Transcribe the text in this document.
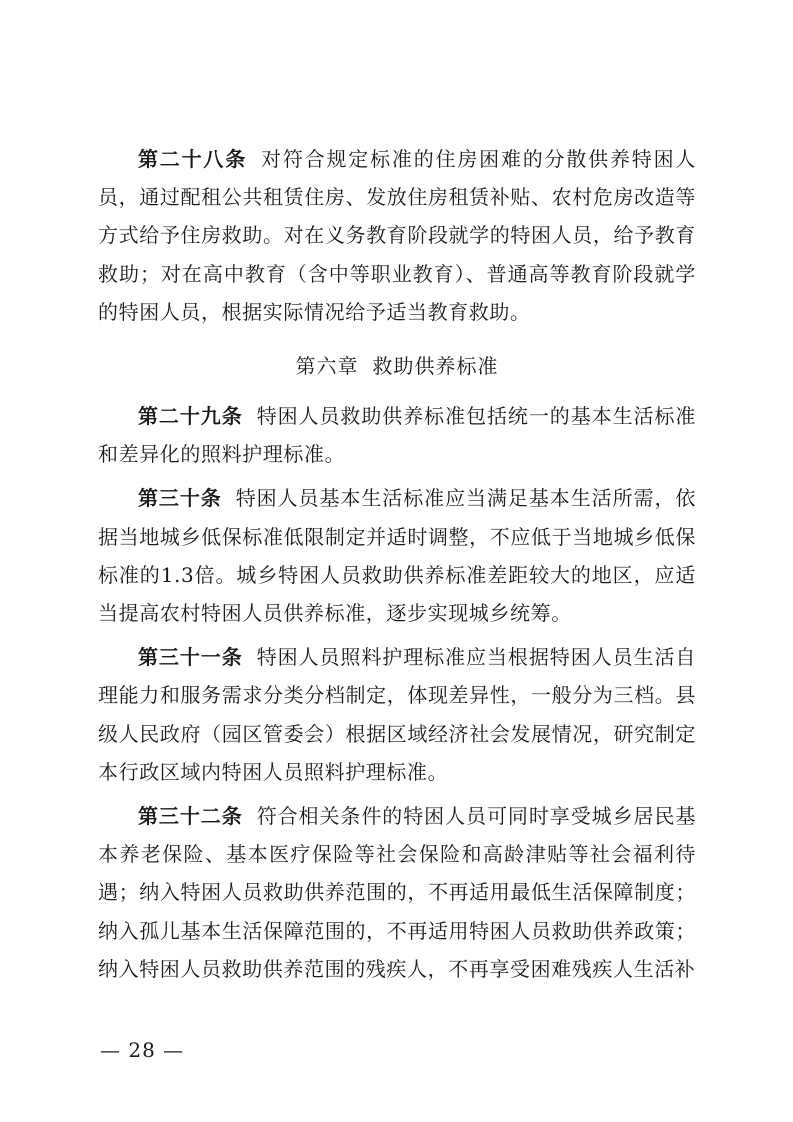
第二十八条 对符合规定标准的住房困难的分散供养特困人员，通过配租公共租赁住房、发放住房租赁补贴、农村危房改造等方式给予住房救助。对在义务教育阶段就学的特困人员，给予教育救助；对在高中教育（含中等职业教育）、普通高等教育阶段就学的特困人员，根据实际情况给予适当教育救助。

第六章 救助供养标准

第二十九条 特困人员救助供养标准包括统一的基本生活标准和差异化的照料护理标准。

第三十条 特困人员基本生活标准应当满足基本生活所需，依据当地城乡低保标准低限制定并适时调整，不应低于当地城乡低保标准的1.3倍。城乡特困人员救助供养标准差距较大的地区，应适当提高农村特困人员供养标准，逐步实现城乡统筹。

第三十一条 特困人员照料护理标准应当根据特困人员生活自理能力和服务需求分类分档制定，体现差异性，一般分为三档。县级人民政府（园区管委会）根据区域经济社会发展情况，研究制定本行政区域内特困人员照料护理标准。

第三十二条 符合相关条件的特困人员可同时享受城乡居民基本养老保险、基本医疗保险等社会保险和高龄津贴等社会福利待遇；纳入特困人员救助供养范围的，不再适用最低生活保障制度；纳入孤儿基本生活保障范围的，不再适用特困人员救助供养政策；纳入特困人员救助供养范围的残疾人，不再享受困难残疾人生活补

— 28 —
